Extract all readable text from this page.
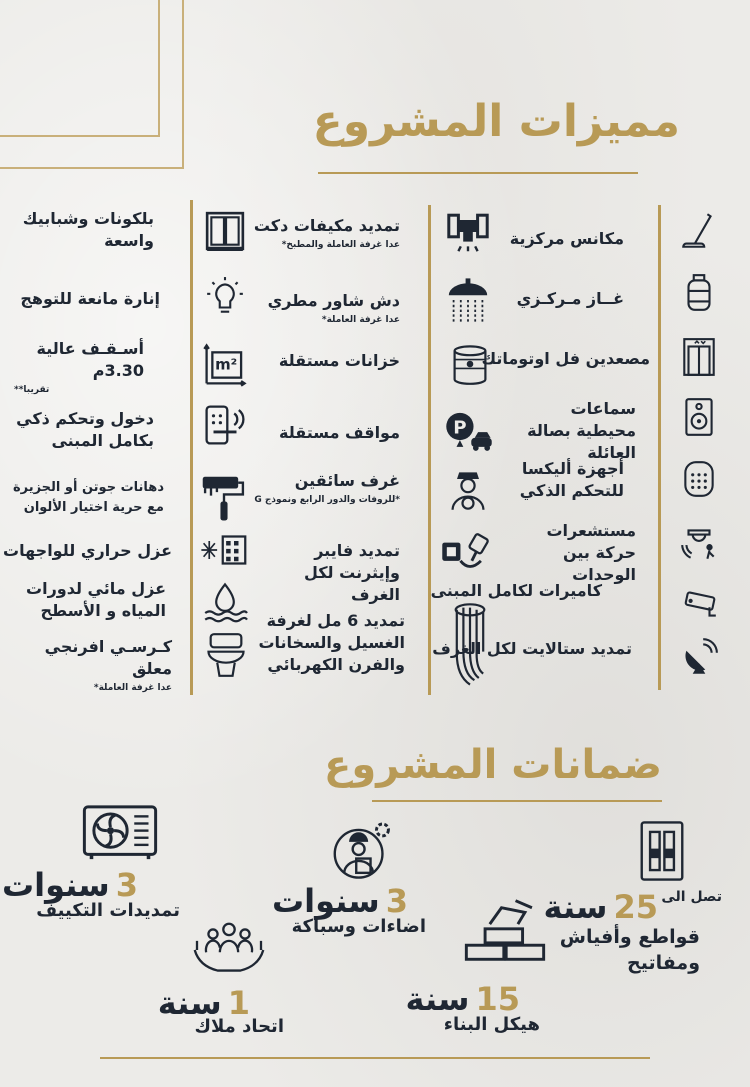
مميزات المشروع
مكانس مركزية
غــاز مـركـزي
مصعدين فل اوتوماتك
سماعات محيطية بصالة العائلة
أجهزة أليكسا للتحكم الذكي
مستشعرات حركة بين الوحدات
كاميرات لكامل المبنى
تمديد ستالايت لكل الغرف
P
تمديد مكيفات دكت
عدا غرفة العاملة والمطبخ*
دش شاور مطري
عدا غرفة العاملة*
خزانات مستقلة
m²
مواقف مستقلة
غرف سائقين
*للروفات والدور الرابع ونموذج G
تمديد فايبر وإيثرنت لكل الغرف
تمديد 6 مل لغرفة الغسيل والسخانات والفرن الكهربائي
بلكونات وشبابيك واسعة
إنارة مانعة للتوهج
أسـقـف عالية 3.30م
**تقريبا
دخول وتحكم ذكي بكامل المبنى
دهانات جوتن أو الجزيرة مع حرية اختيار الألوان
عزل حراري للواجهات
عزل مائي لدورات المياه و الأسطح
كـرسـي افرنجي معلق
عدا غرفة العاملة*
ضمانات المشروع
تصل الى
25سنة
قواطع وأفياش ومفاتيح
3سنوات
اضاءات وسباكة
3سنوات
تمديدات التكييف
15سنة
هيكل البناء
1سنة
اتحاد ملاك
